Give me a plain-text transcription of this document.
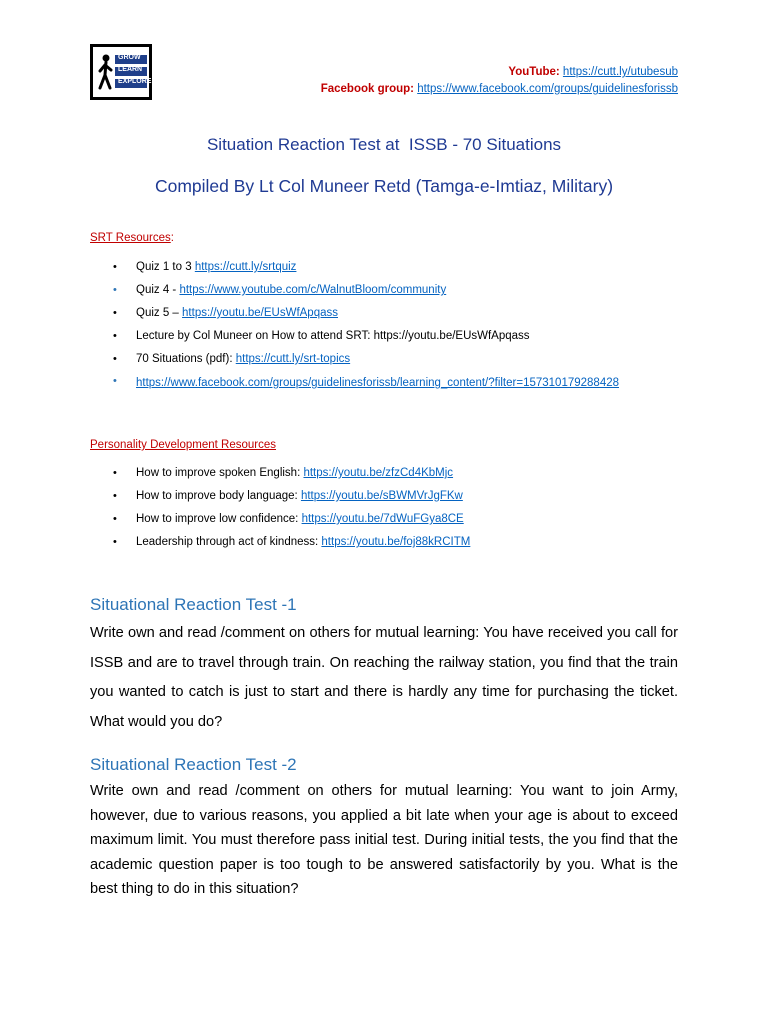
GROW
LEARN
EXPLORE
YouTube: https://cutt.ly/utubesub
Facebook group: https://www.facebook.com/groups/guidelinesforissb
Situation Reaction Test at  ISSB - 70 Situations
Compiled By Lt Col Muneer Retd (Tamga-e-Imtiaz, Military)
SRT Resources:
• Quiz 1 to 3 https://cutt.ly/srtquiz
• Quiz 4 - https://www.youtube.com/c/WalnutBloom/community
• Quiz 5 – https://youtu.be/EUsWfApqass
• Lecture by Col Muneer on How to attend SRT: https://youtu.be/EUsWfApqass
• 70 Situations (pdf): https://cutt.ly/srt-topics
• https://www.facebook.com/groups/guidelinesforissb/learning_content/?filter=157310179288428
Personality Development Resources
• How to improve spoken English: https://youtu.be/zfzCd4KbMjc
• How to improve body language: https://youtu.be/sBWMVrJgFKw
• How to improve low confidence: https://youtu.be/7dWuFGya8CE
• Leadership through act of kindness: https://youtu.be/foj88kRCITM
Situational Reaction Test -1
Write own and read /comment on others for mutual learning: You have received you call for ISSB and are to travel through train. On reaching the railway station, you find that the train you wanted to catch is just to start and there is hardly any time for purchasing the ticket. What would you do?
Situational Reaction Test -2
Write own and read /comment on others for mutual learning: You want to join Army, however, due to various reasons, you applied a bit late when your age is about to exceed maximum limit. You must therefore pass initial test. During initial tests, the you find that the academic question paper is too tough to be answered satisfactorily by you. What is the best thing to do in this situation?
